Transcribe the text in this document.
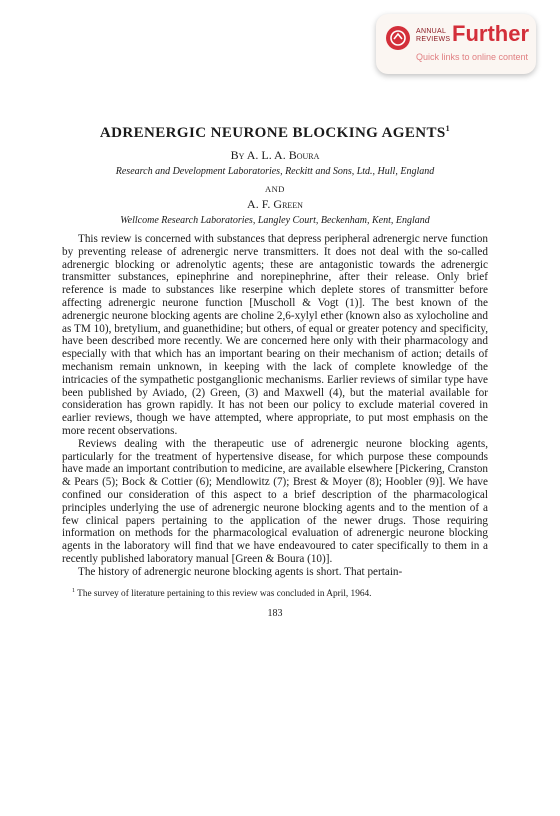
ANNUAL
REVIEWS Further
Quick links to online content
ADRENERGIC NEURONE BLOCKING AGENTS$^1$

By A. L. A. Boura

Research and Development Laboratories, Reckitt and Sons, Ltd., Hull, England

AND

A. F. Green

Wellcome Research Laboratories, Langley Court, Beckenham, Kent, England

This review is concerned with substances that depress peripheral adrenergic nerve function by preventing release of adrenergic nerve transmitters. It does not deal with the so-called adrenergic blocking or adrenolytic agents; these are antagonistic towards the adrenergic transmitter substances, epinephrine and norepinephrine, after their release. Only brief reference is made to substances like reserpine which deplete stores of transmitter before affecting adrenergic neurone function [Muscholl & Vogt (1)]. The best known of the adrenergic neurone blocking agents are choline 2,6-xylyl ether (known also as xylocholine and as TM 10), bretylium, and guanethidine; but others, of equal or greater potency and specificity, have been described more recently. We are concerned here only with their pharmacology and especially with that which has an important bearing on their mechanism of action; details of mechanism remain unknown, in keeping with the lack of complete knowledge of the intricacies of the sympathetic postganglionic mechanisms. Earlier reviews of similar type have been published by Aviado, (2) Green, (3) and Maxwell (4), but the material available for consideration has grown rapidly. It has not been our policy to exclude material covered in earlier reviews, though we have attempted, where appropriate, to put most emphasis on the more recent observations.

Reviews dealing with the therapeutic use of adrenergic neurone blocking agents, particularly for the treatment of hypertensive disease, for which purpose these compounds have made an important contribution to medicine, are available elsewhere [Pickering, Cranston & Pears (5); Bock & Cottier (6); Mendlowitz (7); Brest & Moyer (8); Hoobler (9)]. We have confined our consideration of this aspect to a brief description of the pharmacological principles underlying the use of adrenergic neurone blocking agents and to the mention of a few clinical papers pertaining to the application of the newer drugs. Those requiring information on methods for the pharmacological evaluation of adrenergic neurone blocking agents in the laboratory will find that we have endeavoured to cater specifically to them in a recently published laboratory manual [Green & Boura (10)].

The history of adrenergic neurone blocking agents is short. That pertain-

$^1$ The survey of literature pertaining to this review was concluded in April, 1964.

183
